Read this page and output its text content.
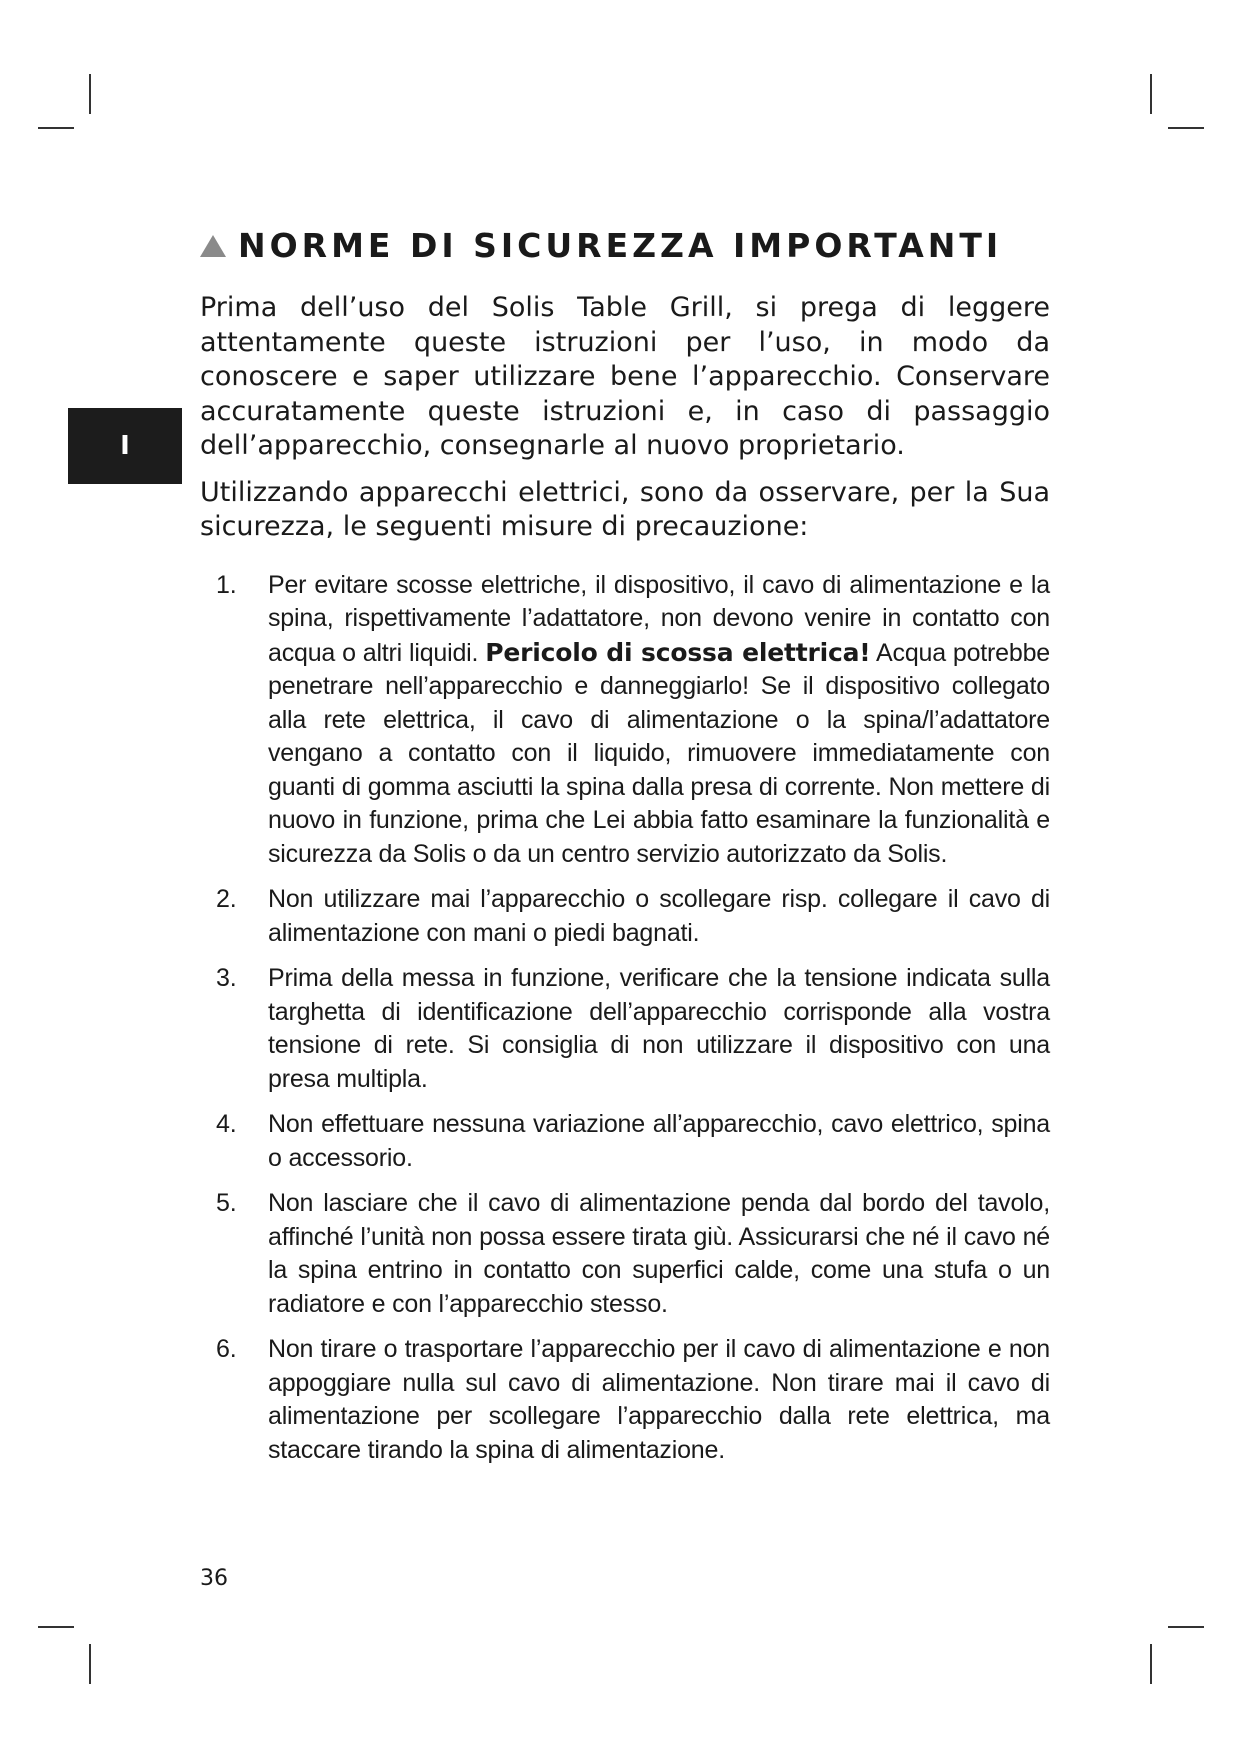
I
NORME DI SICUREZZA IMPORTANTI

Prima dell’uso del Solis Table Grill, si prega di leggere attentamente queste istruzioni per l’uso, in modo da conoscere e saper utilizzare bene l’apparecchio. Conservare accuratamente queste istruzioni e, in caso di passaggio dell’apparecchio, consegnarle al nuovo proprietario.

Utilizzando apparecchi elettrici, sono da osservare, per la Sua sicurezza, le seguenti misure di precauzione:

1. Per evitare scosse elettriche, il dispositivo, il cavo di alimentazione e la spina, rispettivamente l’adattatore, non devono venire in contatto con acqua o altri liquidi. Pericolo di scossa elettrica! Acqua potrebbe penetrare nell’apparecchio e danneggiarlo! Se il dispositivo collegato alla rete elettrica, il cavo di alimentazione o la spina/l’adattatore vengano a contatto con il liquido, rimuovere immediatamente con guanti di gomma asciutti la spina dalla presa di corrente. Non mettere di nuovo in funzione, prima che Lei abbia fatto esaminare la funzionalità e sicurezza da Solis o da un centro servizio autorizzato da Solis.
2. Non utilizzare mai l’apparecchio o scollegare risp. collegare il cavo di alimentazione con mani o piedi bagnati.
3. Prima della messa in funzione, verificare che la tensione indicata sulla targhetta di identificazione dell’apparecchio corrisponde alla vostra tensione di rete. Si consiglia di non utilizzare il dispositivo con una presa multipla.
4. Non effettuare nessuna variazione all’apparecchio, cavo elettrico, spina o accessorio.
5. Non lasciare che il cavo di alimentazione penda dal bordo del tavolo, affinché l’unità non possa essere tirata giù. Assicurarsi che né il cavo né la spina entrino in contatto con superfici calde, come una stufa o un radiatore e con l’apparecchio stesso.
6. Non tirare o trasportare l’apparecchio per il cavo di alimentazione e non appoggiare nulla sul cavo di alimentazione. Non tirare mai il cavo di alimentazione per scollegare l’apparecchio dalla rete elettrica, ma staccare tirando la spina di alimentazione.
36
